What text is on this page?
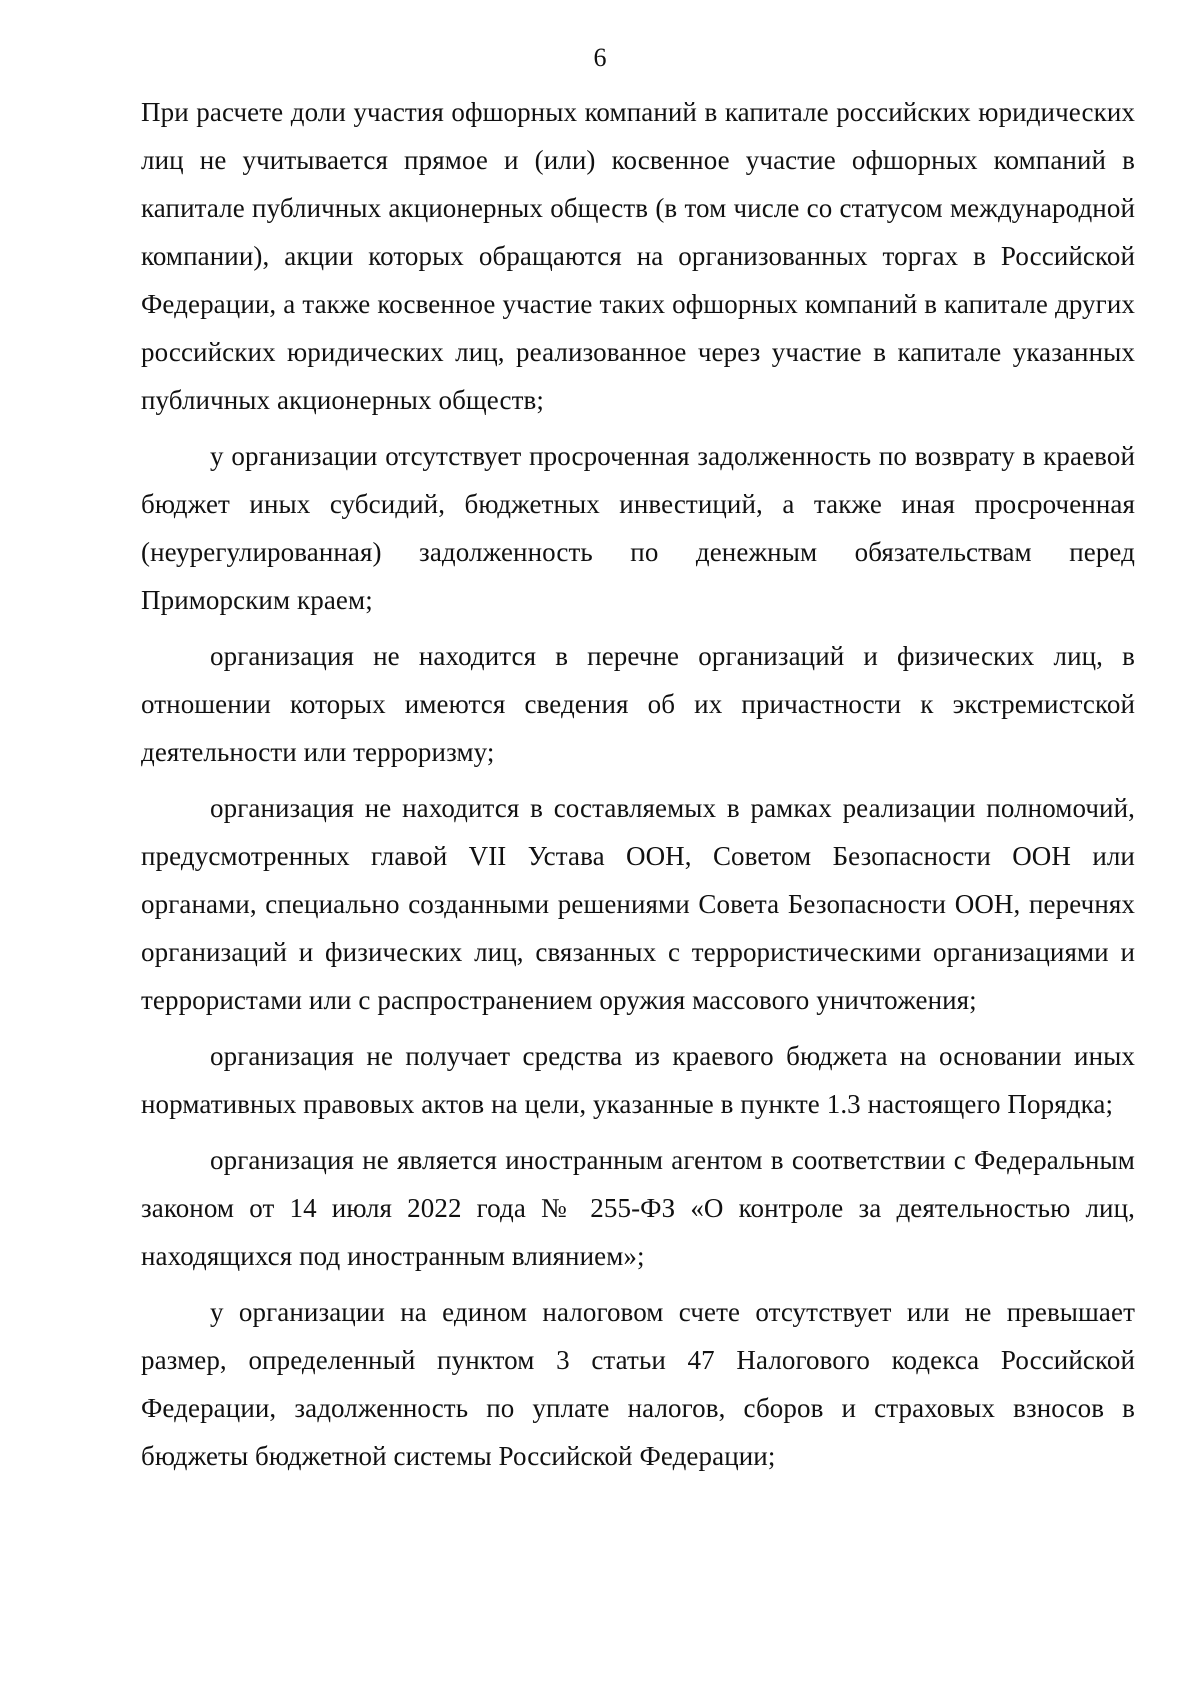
6

При расчете доли участия офшорных компаний в капитале российских юридических лиц не учитывается прямое и (или) косвенное участие офшорных компаний в капитале публичных акционерных обществ (в том числе со статусом международной компании), акции которых обращаются на организованных торгах в Российской Федерации, а также косвенное участие таких офшорных компаний в капитале других российских юридических лиц, реализованное через участие в капитале указанных публичных акционерных обществ;

у организации отсутствует просроченная задолженность по возврату в краевой бюджет иных субсидий, бюджетных инвестиций, а также иная просроченная (неурегулированная) задолженность по денежным обязательствам перед Приморским краем;

организация не находится в перечне организаций и физических лиц, в отношении которых имеются сведения об их причастности к экстремистской деятельности или терроризму;

организация не находится в составляемых в рамках реализации полномочий, предусмотренных главой VII Устава ООН, Советом Безопасности ООН или органами, специально созданными решениями Совета Безопасности ООН, перечнях организаций и физических лиц, связанных с террористическими организациями и террористами или с распространением оружия массового уничтожения;

организация не получает средства из краевого бюджета на основании иных нормативных правовых актов на цели, указанные в пункте 1.3 настоящего Порядка;

организация не является иностранным агентом в соответствии с Федеральным законом от 14 июля 2022 года № 255-ФЗ «О контроле за деятельностью лиц, находящихся под иностранным влиянием»;

у организации на едином налоговом счете отсутствует или не превышает размер, определенный пунктом 3 статьи 47 Налогового кодекса Российской Федерации, задолженность по уплате налогов, сборов и страховых взносов в бюджеты бюджетной системы Российской Федерации;
